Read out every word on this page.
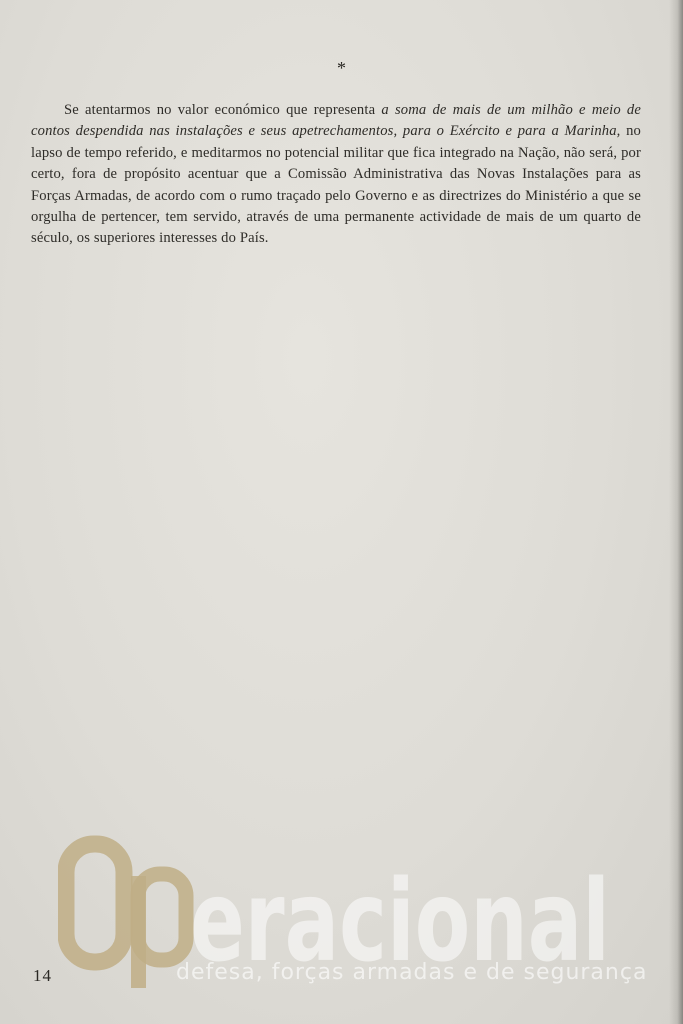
*

Se atentarmos no valor económico que representa a soma de mais de um milhão e meio de contos despendida nas instalações e seus apetrechamentos, para o Exército e para a Marinha, no lapso de tempo referido, e meditarmos no potencial militar que fica integrado na Nação, não será, por certo, fora de propósito acentuar que a Comissão Administrativa das Novas Instalações para as Forças Armadas, de acordo com o rumo traçado pelo Governo e as directrizes do Ministério a que se orgulha de pertencer, tem servido, através de uma permanente actividade de mais de um quarto de século, os superiores interesses do País.

14 eracional
defesa, forças armadas e de segurança
